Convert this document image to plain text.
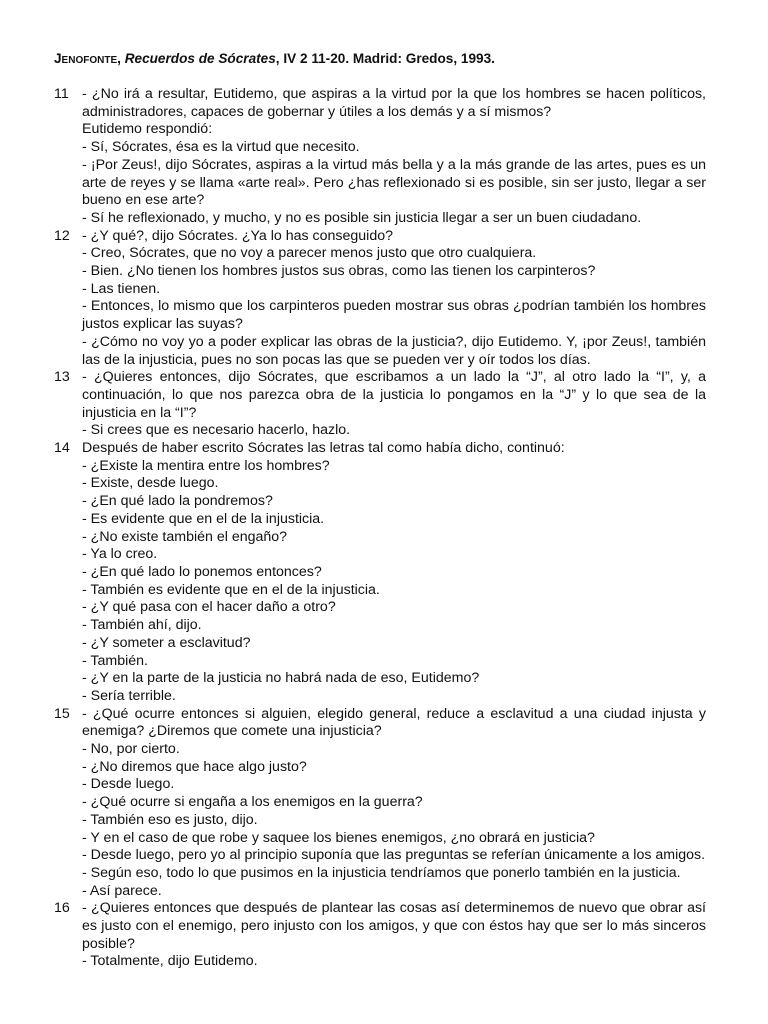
Jenofonte, Recuerdos de Sócrates, IV 2 11-20. Madrid: Gredos, 1993.
11 - ¿No irá a resultar, Eutidemo, que aspiras a la virtud por la que los hombres se hacen políticos, administradores, capaces de gobernar y útiles a los demás y a sí mismos?
Eutidemo respondió:
- Sí, Sócrates, ésa es la virtud que necesito.
- ¡Por Zeus!, dijo Sócrates, aspiras a la virtud más bella y a la más grande de las artes, pues es un arte de reyes y se llama «arte real». Pero ¿has reflexionado si es posible, sin ser justo, llegar a ser bueno en ese arte?
- Sí he reflexionado, y mucho, y no es posible sin justicia llegar a ser un buen ciudadano.
12 - ¿Y qué?, dijo Sócrates. ¿Ya lo has conseguido?
- Creo, Sócrates, que no voy a parecer menos justo que otro cualquiera.
- Bien. ¿No tienen los hombres justos sus obras, como las tienen los carpinteros?
- Las tienen.
- Entonces, lo mismo que los carpinteros pueden mostrar sus obras ¿podrían también los hombres justos explicar las suyas?
- ¿Cómo no voy yo a poder explicar las obras de la justicia?, dijo Eutidemo. Y, ¡por Zeus!, también las de la injusticia, pues no son pocas las que se pueden ver y oír todos los días.
13 - ¿Quieres entonces, dijo Sócrates, que escribamos a un lado la “J”, al otro lado la “I”, y, a continuación, lo que nos parezca obra de la justicia lo pongamos en la “J” y lo que sea de la injusticia en la “I”?
- Si crees que es necesario hacerlo, hazlo.
14 Después de haber escrito Sócrates las letras tal como había dicho, continuó:
- ¿Existe la mentira entre los hombres?
- Existe, desde luego.
- ¿En qué lado la pondremos?
- Es evidente que en el de la injusticia.
- ¿No existe también el engaño?
- Ya lo creo.
- ¿En qué lado lo ponemos entonces?
- También es evidente que en el de la injusticia.
- ¿Y qué pasa con el hacer daño a otro?
- También ahí, dijo.
- ¿Y someter a esclavitud?
- También.
- ¿Y en la parte de la justicia no habrá nada de eso, Eutidemo?
- Sería terrible.
15 - ¿Qué ocurre entonces si alguien, elegido general, reduce a esclavitud a una ciudad injusta y enemiga? ¿Diremos que comete una injusticia?
- No, por cierto.
- ¿No diremos que hace algo justo?
- Desde luego.
- ¿Qué ocurre si engaña a los enemigos en la guerra?
- También eso es justo, dijo.
- Y en el caso de que robe y saquee los bienes enemigos, ¿no obrará en justicia?
- Desde luego, pero yo al principio suponía que las preguntas se referían únicamente a los amigos.
- Según eso, todo lo que pusimos en la injusticia tendríamos que ponerlo también en la justicia.
- Así parece.
16 - ¿Quieres entonces que después de plantear las cosas así determinemos de nuevo que obrar así es justo con el enemigo, pero injusto con los amigos, y que con éstos hay que ser lo más sinceros posible?
- Totalmente, dijo Eutidemo.
